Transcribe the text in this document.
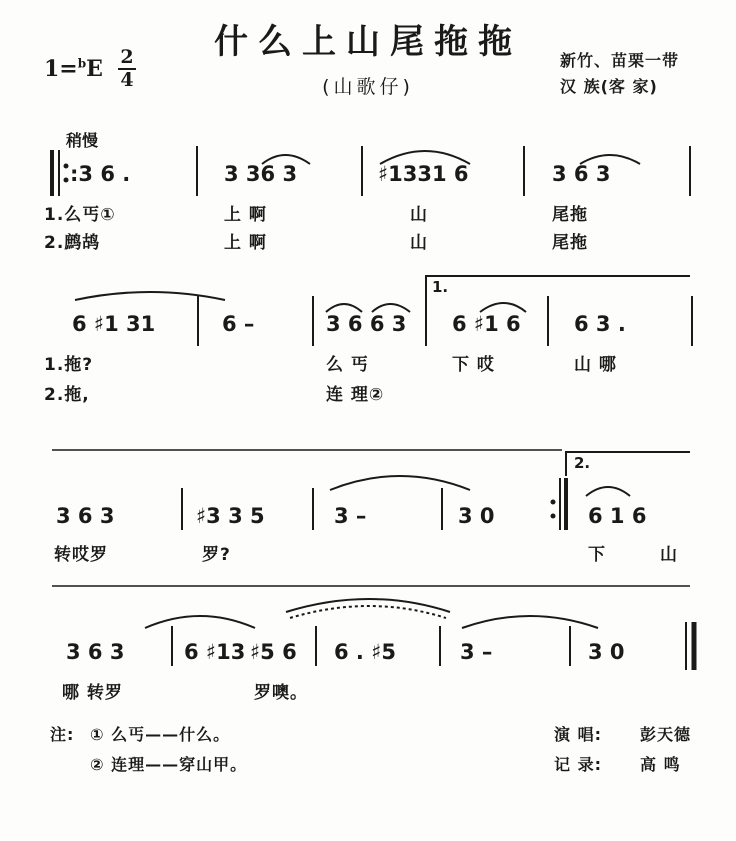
什么上山尾拖拖
(山歌仔)
1=$^b$E 2
4
新竹、苗栗一带
汉 族(客 家)
稍慢
:3 6 .	3 36 3	♯1331 6	3 6 3
1.么丐①	上 啊	山	尾拖
2.鹧鸪	上 啊	山	尾拖
1.
6 ♯1 31	6 –	3 6 6 3 6 ♯1 6	6 3 .
1.拖?	么 丐	下 哎	山 哪
2.拖,	连 理②
2.
3 6 3	♯3 3 5	3 –	3 0	6 1 6
转哎罗	罗?	下	山
3 6 3	6 ♯13 ♯5 6 6 . ♯5	3 –	3 0
哪 转罗	罗噢。
注: ① 么丐——什么。
② 连理——穿山甲。
演 唱: 彭天德
记 录: 高 鸣
